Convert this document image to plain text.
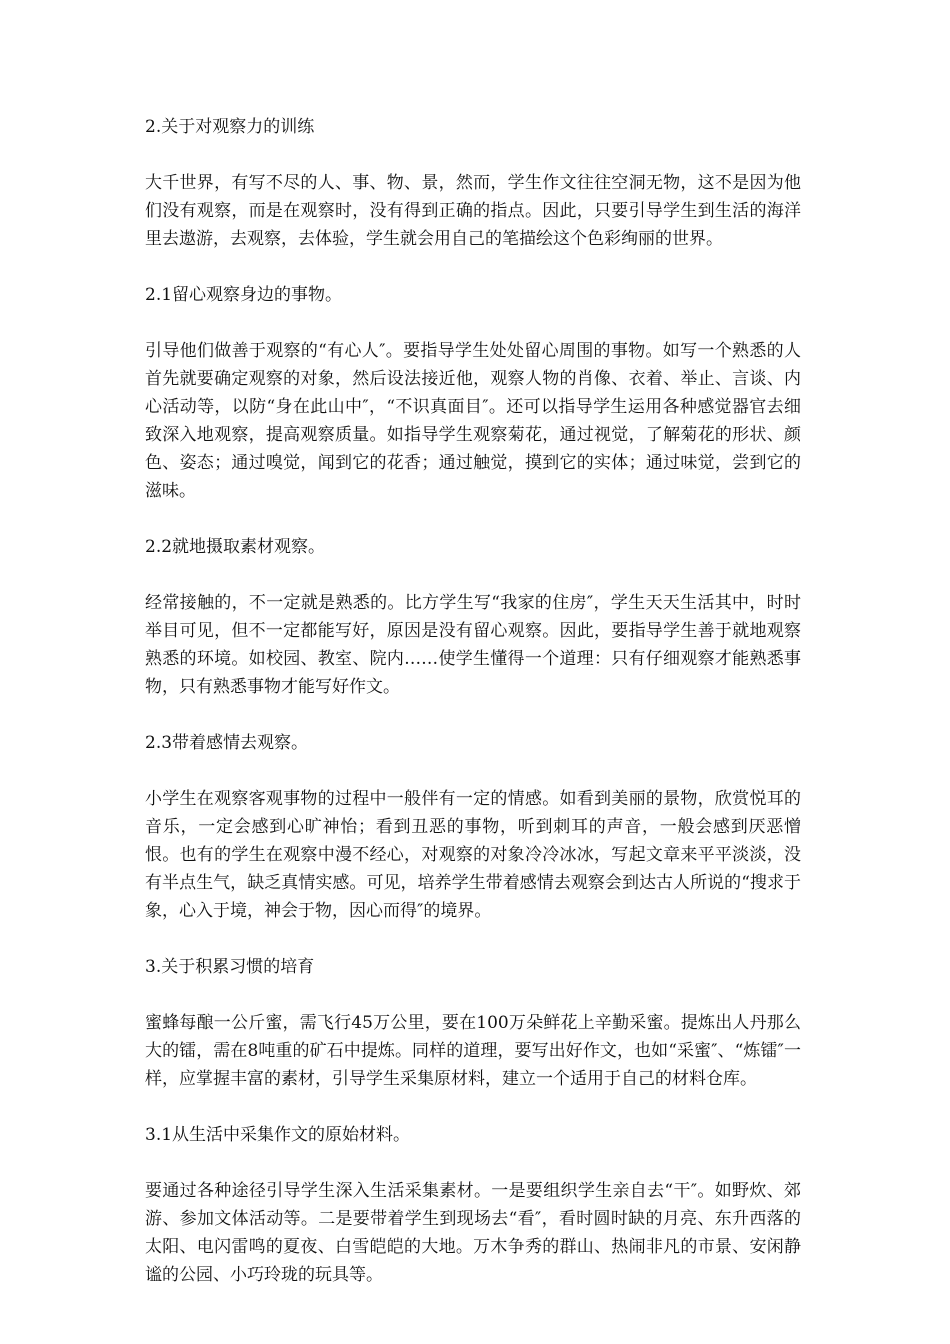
2.关于对观察力的训练
大千世界，有写不尽的人、事、物、景，然而，学生作文往往空洞无物，这不是因为他们没有观察，而是在观察时，没有得到正确的指点。因此，只要引导学生到生活的海洋里去遨游，去观察，去体验，学生就会用自己的笔描绘这个色彩绚丽的世界。
2.1留心观察身边的事物。
引导他们做善于观察的“有心人″。要指导学生处处留心周围的事物。如写一个熟悉的人首先就要确定观察的对象，然后设法接近他，观察人物的肖像、衣着、举止、言谈、内心活动等，以防“身在此山中″，“不识真面目″。还可以指导学生运用各种感觉器官去细致深入地观察，提高观察质量。如指导学生观察菊花，通过视觉，了解菊花的形状、颜色、姿态；通过嗅觉，闻到它的花香；通过触觉，摸到它的实体；通过味觉，尝到它的滋味。
2.2就地摄取素材观察。
经常接触的，不一定就是熟悉的。比方学生写“我家的住房″，学生天天生活其中，时时举目可见，但不一定都能写好，原因是没有留心观察。因此，要指导学生善于就地观察熟悉的环境。如校园、教室、院内……使学生懂得一个道理：只有仔细观察才能熟悉事物，只有熟悉事物才能写好作文。
2.3带着感情去观察。
小学生在观察客观事物的过程中一般伴有一定的情感。如看到美丽的景物，欣赏悦耳的音乐，一定会感到心旷神怡；看到丑恶的事物，听到刺耳的声音，一般会感到厌恶憎恨。也有的学生在观察中漫不经心，对观察的对象冷冷冰冰，写起文章来平平淡淡，没有半点生气，缺乏真情实感。可见，培养学生带着感情去观察会到达古人所说的“搜求于象，心入于境，神会于物，因心而得″的境界。
3.关于积累习惯的培育
蜜蜂每酿一公斤蜜，需飞行45万公里，要在100万朵鲜花上辛勤采蜜。提炼出人丹那么大的镭，需在8吨重的矿石中提炼。同样的道理，要写出好作文，也如“采蜜″、“炼镭″一样，应掌握丰富的素材，引导学生采集原材料，建立一个适用于自己的材料仓库。
3.1从生活中采集作文的原始材料。
要通过各种途径引导学生深入生活采集素材。一是要组织学生亲自去“干″。如野炊、郊游、参加文体活动等。二是要带着学生到现场去“看″，看时圆时缺的月亮、东升西落的太阳、电闪雷鸣的夏夜、白雪皑皑的大地。万木争秀的群山、热闹非凡的市景、安闲静谧的公园、小巧玲珑的玩具等。
